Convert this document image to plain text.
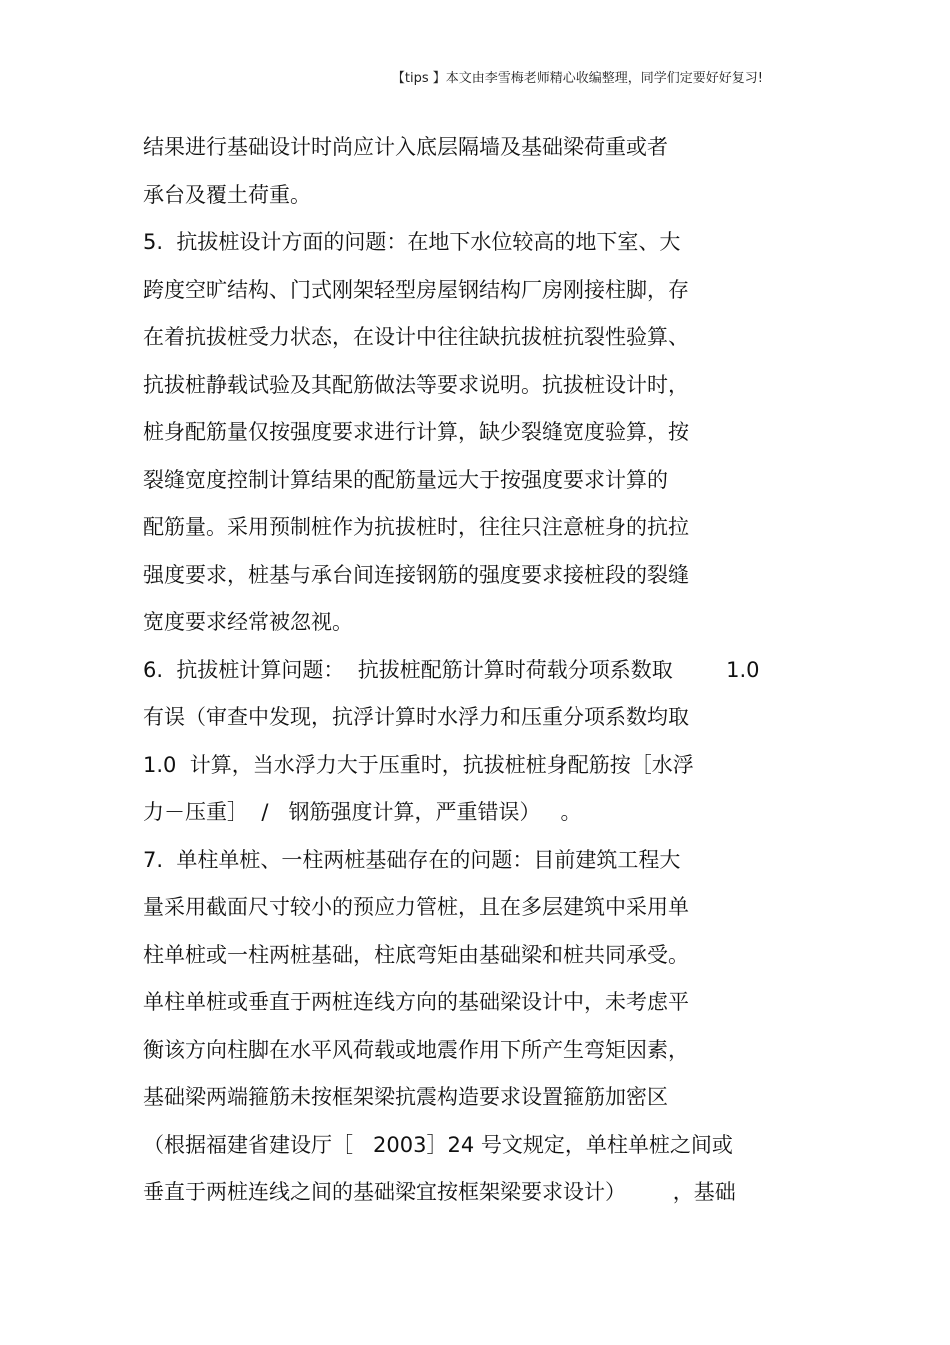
【tips 】本文由李雪梅老师精心收编整理，同学们定要好好复习!
结果进行基础设计时尚应计入底层隔墙及基础梁荷重或者
承台及覆土荷重。
5.  抗拔桩设计方面的问题：在地下水位较高的地下室、大
跨度空旷结构、门式刚架轻型房屋钢结构厂房刚接柱脚，存
在着抗拔桩受力状态，在设计中往往缺抗拔桩抗裂性验算、
抗拔桩静载试验及其配筋做法等要求说明。抗拔桩设计时，
桩身配筋量仅按强度要求进行计算，缺少裂缝宽度验算，按
裂缝宽度控制计算结果的配筋量远大于按强度要求计算的
配筋量。采用预制桩作为抗拔桩时，往往只注意桩身的抗拉
强度要求，桩基与承台间连接钢筋的强度要求接桩段的裂缝
宽度要求经常被忽视。
6.  抗拔桩计算问题：  抗拔桩配筋计算时荷载分项系数取        1.0
有误（审查中发现，抗浮计算时水浮力和压重分项系数均取
1.0  计算，当水浮力大于压重时，抗拔桩桩身配筋按［水浮
力－压重］  /   钢筋强度计算，严重错误）   。
7.  单柱单桩、一柱两桩基础存在的问题：目前建筑工程大
量采用截面尺寸较小的预应力管桩，且在多层建筑中采用单
柱单桩或一柱两桩基础，柱底弯矩由基础梁和桩共同承受。
单柱单桩或垂直于两桩连线方向的基础梁设计中，未考虑平
衡该方向柱脚在水平风荷载或地震作用下所产生弯矩因素，
基础梁两端箍筋未按框架梁抗震构造要求设置箍筋加密区
（根据福建省建设厅［   2003］24 号文规定，单柱单桩之间或
垂直于两桩连线之间的基础梁宜按框架梁要求设计）       ，基础
